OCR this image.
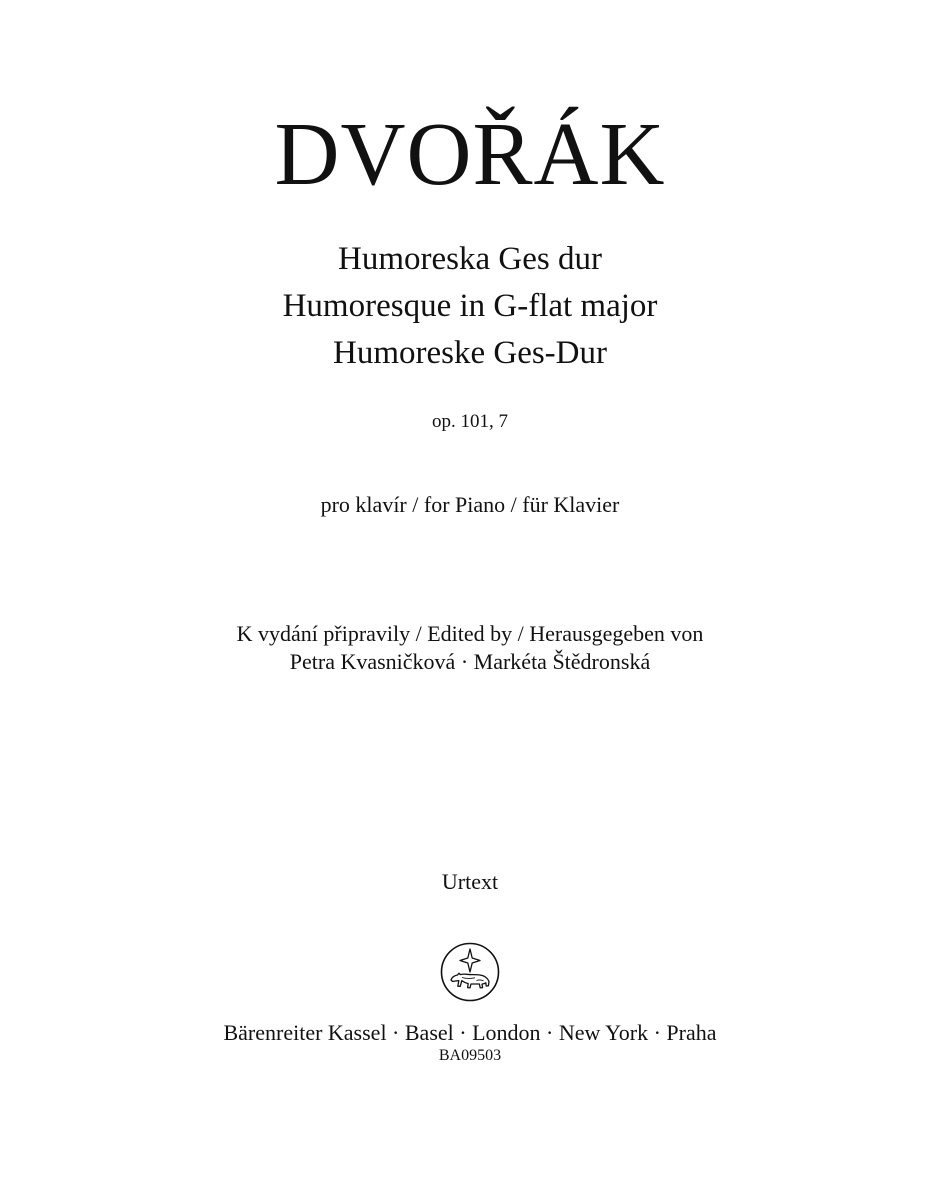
DVOŘÁK
Humoreska Ges dur
Humoresque in G-flat major
Humoreske Ges-Dur
op. 101, 7
pro klavír / for Piano / für Klavier
K vydání připravily / Edited by / Herausgegeben von
Petra Kvasničková · Markéta Štědronská
Urtext
Bärenreiter Kassel · Basel · London · New York · Praha
BA09503
